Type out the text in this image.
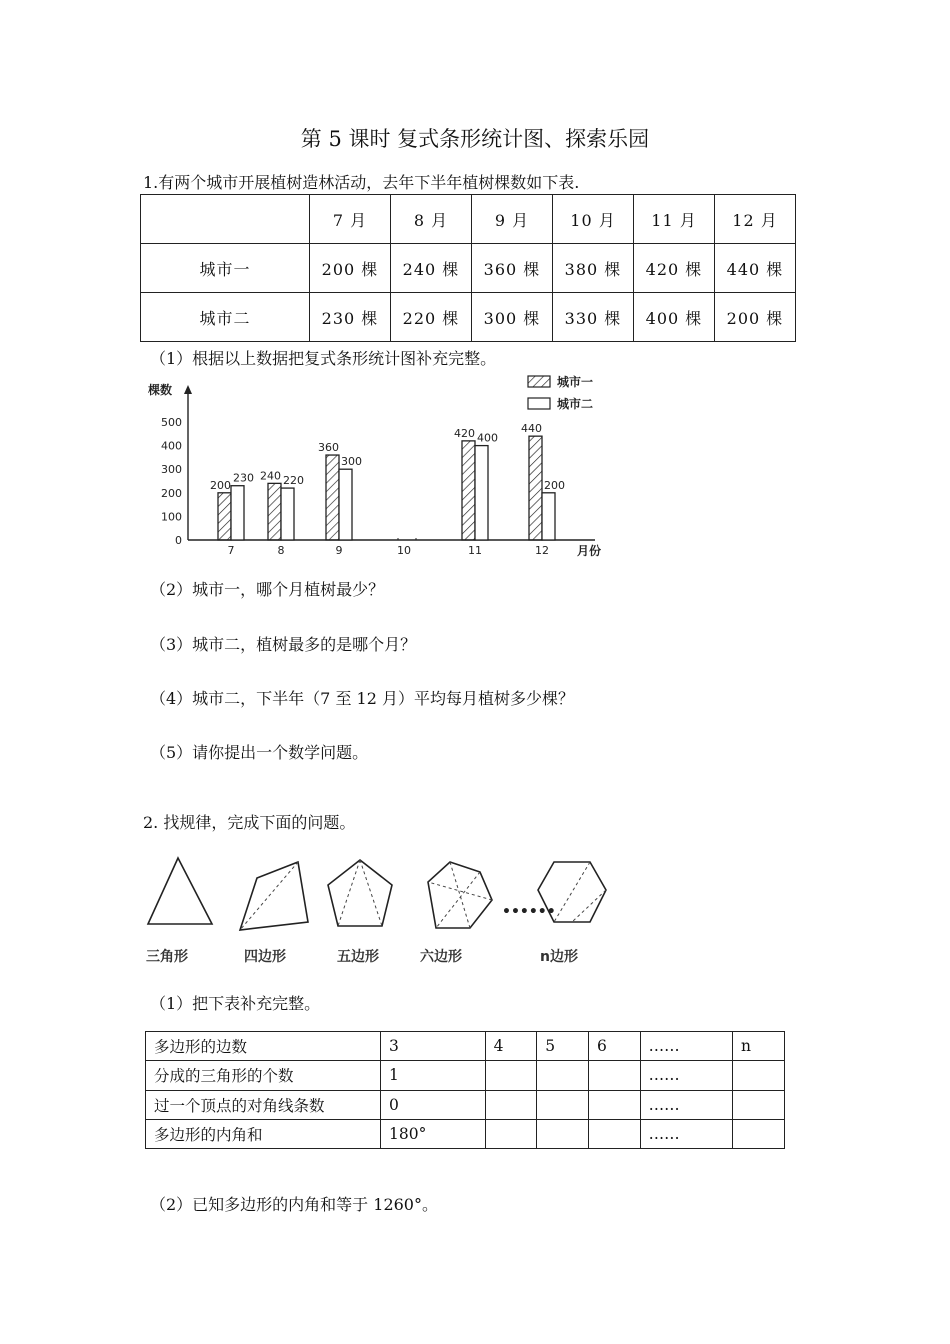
第 5 课时 复式条形统计图、探索乐园
1.有两个城市开展植树造林活动，去年下半年植树棵数如下表.
	7 月	8 月	9 月	10 月	11 月	12 月
城市一	200 棵	240 棵	360 棵	380 棵	420 棵	440 棵
城市二	230 棵	220 棵	300 棵	330 棵	400 棵	200 棵
（1）根据以上数据把复式条形统计图补充完整。
棵数
月份
0
100
200
300
400
500
7	8	9	10	11	12
200
230 240 220
360
300
420 400
440
200
城市一
城市二
（2）城市一，哪个月植树最少？
（3）城市二，植树最多的是哪个月？
（4）城市二，下半年（7 至 12 月）平均每月植树多少棵？
（5）请你提出一个数学问题。
2. 找规律，完成下面的问题。
••••••
三角形	四边形	五边形	六边形	n边形
（1）把下表补充完整。
多边形的边数	3	4	5	6	……	n
分成的三角形的个数	1				……	
过一个顶点的对角线条数	0				……	
多边形的内角和	180°				……	
（2）已知多边形的内角和等于 1260°。
